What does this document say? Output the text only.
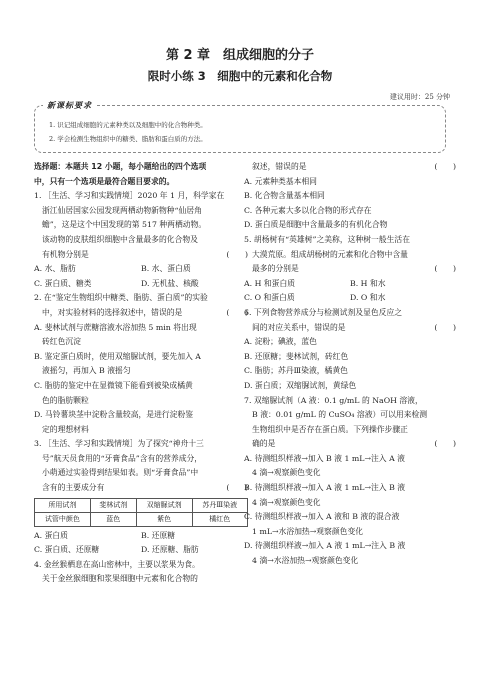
第 2 章　组成细胞的分子
限时小练 3　细胞中的元素和化合物
建议用时：25 分钟
新课标要求
1. 识记组成细胞的元素种类以及细胞中的化合物种类。
2. 学会检测生物组织中的糖类、脂肪和蛋白质的方法。

选择题：本题共 12 小题，每小题给出的四个选项

中，只有一个选项是最符合题目要求的。

1. ［生活、学习和实践情境］2020 年 1 月，科学家在

浙江仙居国家公园发现两栖动物新物种“仙居角

蟾”，这是这个中国发现的第 517 种两栖动物。

该动物的皮肤组织细胞中含量最多的化合物及

有机物分别是	(　　)

A. 水、脂肪	B. 水、蛋白质
C. 蛋白质、糖类	D. 无机盐、核酸

2. 在“鉴定生物组织中糖类、脂肪、蛋白质”的实验

中，对实验材料的选择叙述中，错误的是	(　　)

A. 斐林试剂与蔗糖溶液水浴加热 5 min 将出现

砖红色沉淀

B. 鉴定蛋白质时，使用双缩脲试剂，要先加入 A

液摇匀，再加入 B 液摇匀

C. 脂肪的鉴定中在显微镜下能看到被染成橘黄

色的脂肪颗粒

D. 马铃薯块茎中淀粉含量较高，是进行淀粉鉴

定的理想材料

3. ［生活、学习和实践情境］为了探究“神舟十三

号”航天员食用的“牙膏食品”含有的营养成分，

小萌通过实验得到结果如表。则“牙膏食品”中

含有的主要成分有	(　　)

所用试剂	斐林试剂	双缩脲试剂	苏丹Ⅲ染液
试管中颜色	蓝色	紫色	橘红色
A. 蛋白质	B. 还原糖
C. 蛋白质、还原糖	D. 还原糖、脂肪

4. 金丝猴栖息在高山密林中，主要以浆果为食。

关于金丝猴细胞和浆果细胞中元素和化合物的

叙述，错误的是	(　　)

A. 元素种类基本相同

B. 化合物含量基本相同

C. 各种元素大多以化合物的形式存在

D. 蛋白质是细胞中含量最多的有机化合物

5. 胡杨树有“英雄树”之美称，这种树一般生活在

大漠荒原。组成胡杨树的元素和化合物中含量

最多的分别是	(　　)

A. H 和蛋白质	B. H 和水
C. O 和蛋白质	D. O 和水

6. 下列食物营养成分与检测试剂及显色反应之

间的对应关系中，错误的是	(　　)

A. 淀粉；碘液，蓝色

B. 还原糖；斐林试剂，砖红色

C. 脂肪；苏丹Ⅲ染液，橘黄色

D. 蛋白质；双缩脲试剂，黄绿色

7. 双缩脲试剂（A 液：0.1 g/mL 的 NaOH 溶液，

B 液：0.01 g/mL 的 CuSO₄ 溶液）可以用来检测

生物组织中是否存在蛋白质。下列操作步骤正

确的是	(　　)

A. 待测组织样液→加入 B 液 1 mL→注入 A 液

4 滴→观察颜色变化

B. 待测组织样液→加入 A 液 1 mL→注入 B 液

4 滴→观察颜色变化

C. 待测组织样液→加入 A 液和 B 液的混合液

1 mL→水浴加热→观察颜色变化

D. 待测组织样液→加入 A 液 1 mL→注入 B 液

4 滴→水浴加热→观察颜色变化
